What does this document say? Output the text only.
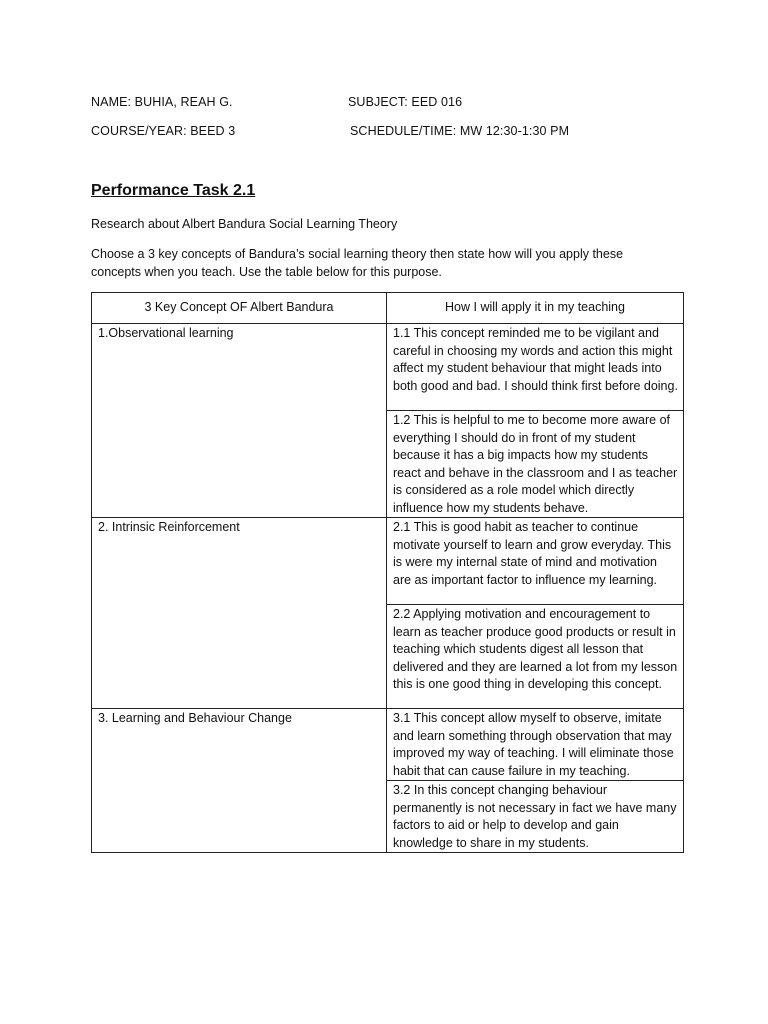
NAME: BUHIA, REAH G.	SUBJECT: EED 016
COURSE/YEAR: BEED 3	SCHEDULE/TIME: MW 12:30-1:30 PM
Performance Task 2.1
Research about Albert Bandura Social Learning Theory
Choose a 3 key concepts of Bandura’s social learning theory then state how will you apply these concepts when you teach. Use the table below for this purpose.
3 Key Concept OF Albert Bandura	How I will apply it in my teaching
1.Observational learning	1.1 This concept reminded me to be vigilant and careful in choosing my words and action this might affect my student behaviour that might leads into both good and bad. I should think first before doing.
	1.2 This is helpful to me to become more aware of everything I should do in front of my student because it has a big impacts how my students react and behave in the classroom and I as teacher is considered as a role model which directly influence how my students behave.
2. Intrinsic Reinforcement	2.1 This is good habit as teacher to continue motivate yourself to learn and grow everyday. This is were my internal state of mind and motivation are as important factor to influence my learning.
	2.2 Applying motivation and encouragement to learn as teacher produce good products or result in teaching which students digest all lesson that delivered and they are learned a lot from my lesson this is one good thing in developing this concept.
3. Learning and Behaviour Change	3.1 This concept allow myself to observe, imitate and learn something through observation that may improved my way of teaching. I will eliminate those habit that can cause failure in my teaching.
	3.2 In this concept changing behaviour permanently is not necessary in fact we have many factors to aid or help to develop and gain knowledge to share in my students.
